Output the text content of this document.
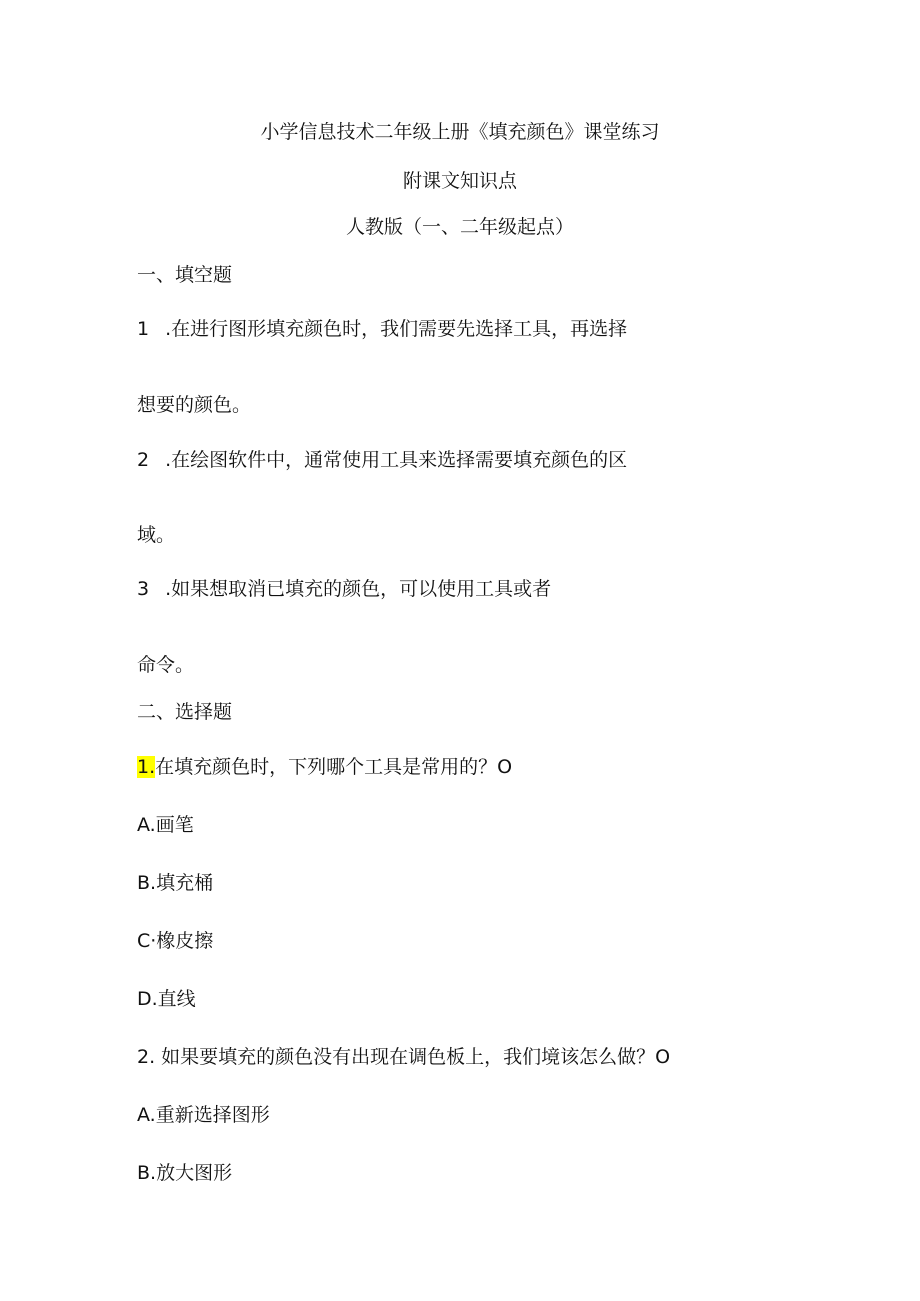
小学信息技术二年级上册《填充颜色》课堂练习
附课文知识点
人教版（一、二年级起点）
一、填空题
1 .在进行图形填充颜色时，我们需要先选择工具，再选择
想要的颜色。
2 .在绘图软件中，通常使用工具来选择需要填充颜色的区
域。
3 .如果想取消已填充的颜色，可以使用工具或者
命令。
二、选择题
1.在填充颜色时，下列哪个工具是常用的？O
A.画笔
B.填充桶
C·橡皮擦
D.直线
2. 如果要填充的颜色没有出现在调色板上，我们境该怎么做？O
A.重新选择图形
B.放大图形
